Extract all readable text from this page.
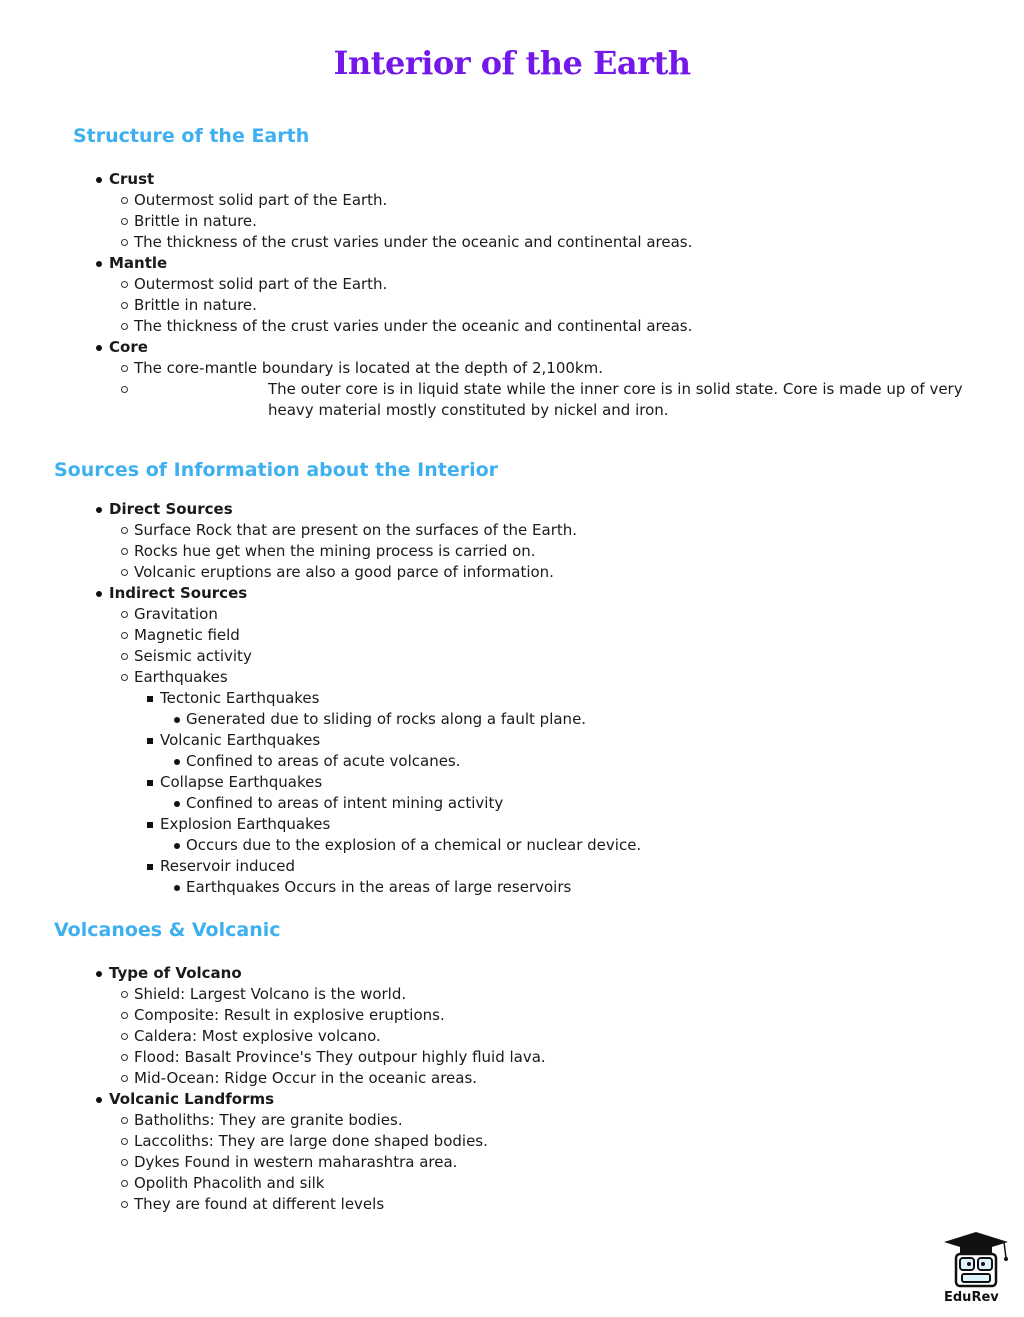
Interior of the Earth
Structure of the Earth
Crust
Outermost solid part of the Earth.
Brittle in nature.
The thickness of the crust varies under the oceanic and continental areas.
Mantle
Outermost solid part of the Earth.
Brittle in nature.
The thickness of the crust varies under the oceanic and continental areas.
Core
The core-mantle boundary is located at the depth of 2,100km.
The outer core is in liquid state while the inner core is in solid state. Core is made up of very heavy material mostly constituted by nickel and iron.
Sources of Information about the Interior
Direct Sources
Surface Rock that are present on the surfaces of the Earth.
Rocks hue get when the mining process is carried on.
Volcanic eruptions are also a good parce of information.
Indirect Sources
Gravitation
Magnetic field
Seismic activity
Earthquakes
Tectonic Earthquakes
Generated due to sliding of rocks along a fault plane.
Volcanic Earthquakes
Confined to areas of acute volcanes.
Collapse Earthquakes
Confined to areas of intent mining activity
Explosion Earthquakes
Occurs due to the explosion of a chemical or nuclear device.
Reservoir induced
Earthquakes Occurs in the areas of large reservoirs
Volcanoes & Volcanic
Type of Volcano
Shield: Largest Volcano is the world.
Composite: Result in explosive eruptions.
Caldera: Most explosive volcano.
Flood: Basalt Province's They outpour highly fluid lava.
Mid-Ocean: Ridge Occur in the oceanic areas.
Volcanic Landforms
Batholiths: They are granite bodies.
Laccoliths: They are large done shaped bodies.
Dykes Found in western maharashtra area.
Opolith Phacolith and silk
They are found at different levels
EduRev
